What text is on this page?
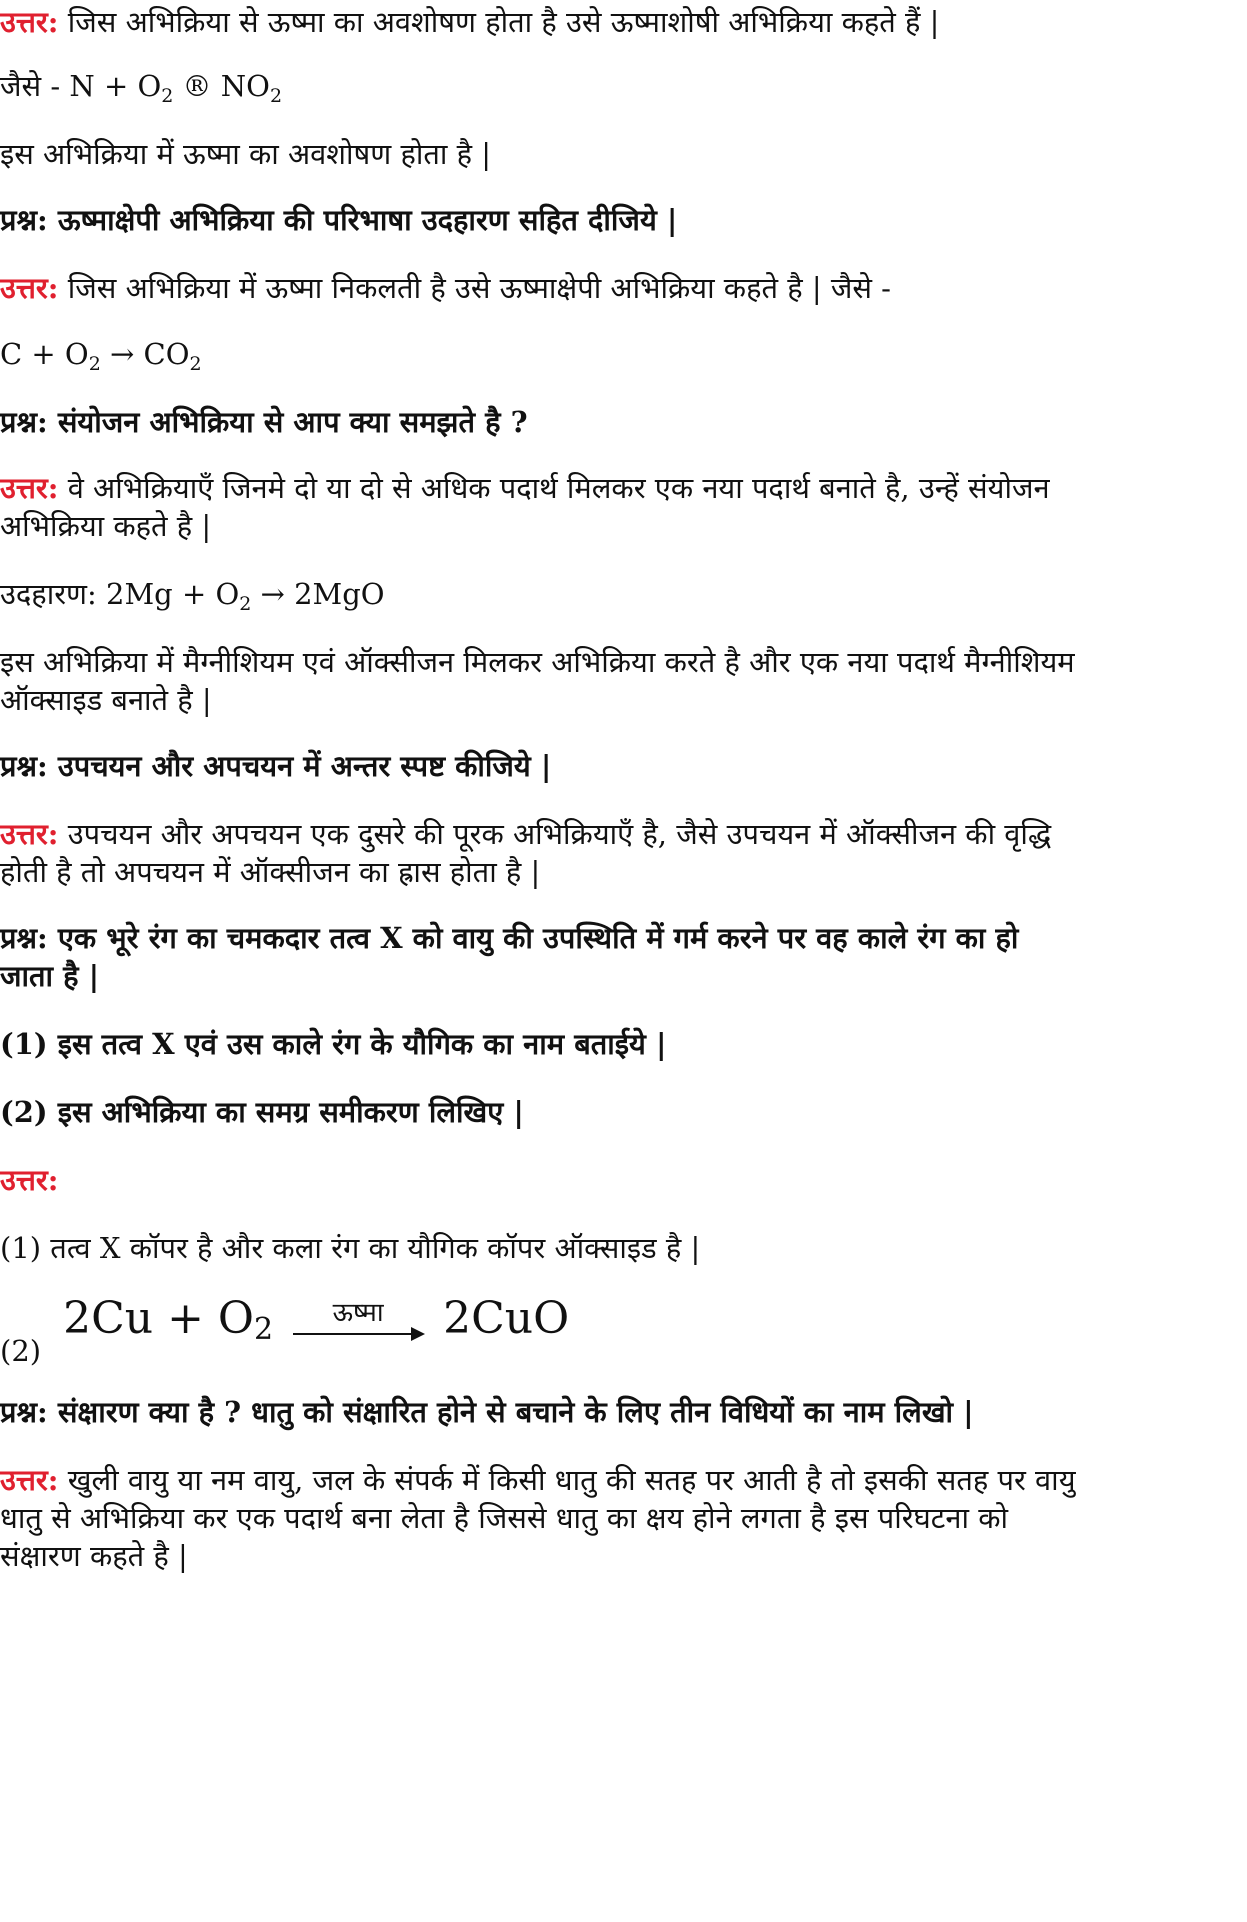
उत्तर: जिस अभिक्रिया से ऊष्मा का अवशोषण होता है उसे ऊष्माशोषी अभिक्रिया कहते हैं |
जैसे - $N + O_2$ ® $NO_2$
इस अभिक्रिया में ऊष्मा का अवशोषण होता है |
प्रश्न: ऊष्माक्षेपी अभिक्रिया की परिभाषा उदहारण सहित दीजिये |
उत्तर: जिस अभिक्रिया में ऊष्मा निकलती है उसे ऊष्माक्षेपी अभिक्रिया कहते है | जैसे -
$C + O_2 \to CO_2$
प्रश्न: संयोजन अभिक्रिया से आप क्या समझते है ?
उत्तर: वे अभिक्रियाएँ जिनमे दो या दो से अधिक पदार्थ मिलकर एक नया पदार्थ बनाते है, उन्हें संयोजन
अभिक्रिया कहते है |
उदहारण: $2Mg + O_2 \to 2MgO$
इस अभिक्रिया में मैग्नीशियम एवं ऑक्सीजन मिलकर अभिक्रिया करते है और एक नया पदार्थ मैग्नीशियम
ऑक्साइड बनाते है |
प्रश्न: उपचयन और अपचयन में अन्तर स्पष्ट कीजिये |
उत्तर: उपचयन और अपचयन एक दुसरे की पूरक अभिक्रियाएँ है, जैसे उपचयन में ऑक्सीजन की वृद्धि
होती है तो अपचयन में ऑक्सीजन का ह्रास होता है |
प्रश्न: एक भूरे रंग का चमकदार तत्व X को वायु की उपस्थिति में गर्म करने पर वह काले रंग का हो
जाता है |
(1) इस तत्व X एवं उस काले रंग के यौगिक का नाम बताईये |
(2) इस अभिक्रिया का समग्र समीकरण लिखिए |
उत्तर:
(1) तत्व X कॉपर है और कला रंग का यौगिक कॉपर ऑक्साइड है |
$(2)2Cu + O_2$	ऊष्मा	2CuO
प्रश्न: संक्षारण क्या है ? धातु को संक्षारित होने से बचाने के लिए तीन विधियों का नाम लिखो |
उत्तर: खुली वायु या नम वायु, जल के संपर्क में किसी धातु की सतह पर आती है तो इसकी सतह पर वायु
धातु से अभिक्रिया कर एक पदार्थ बना लेता है जिससे धातु का क्षय होने लगता है इस परिघटना को
संक्षारण कहते है |
